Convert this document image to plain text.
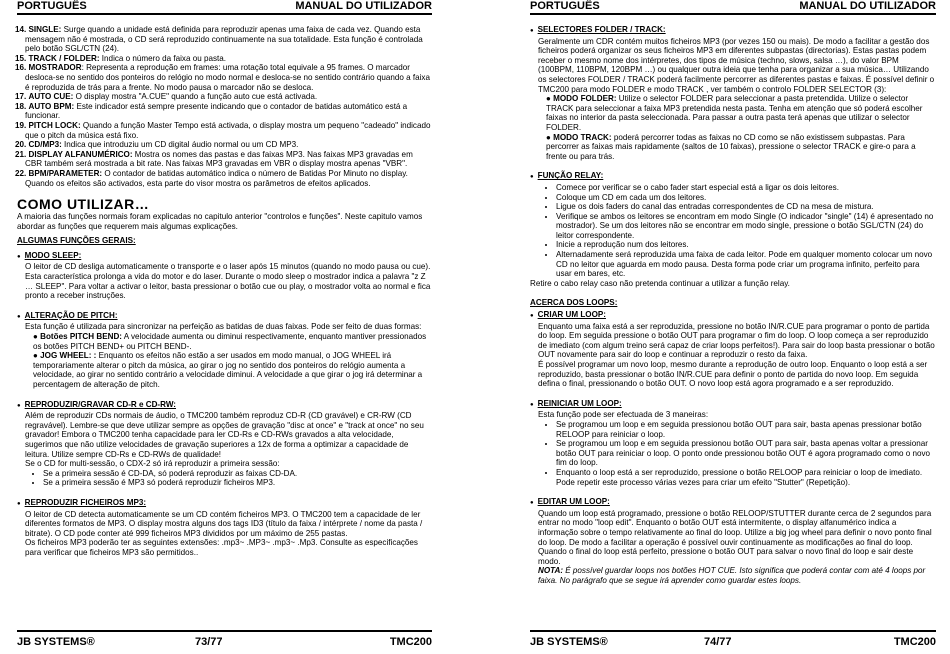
PORTUGUÊS	MANUAL DO UTILIZADOR

14. SINGLE: Surge quando a unidade está definida para reproduzir apenas uma faixa de cada vez. Quando esta mensagem não é mostrada, o CD será reproduzido continuamente na sua totalidade. Esta função é controlada pelo botão SGL/CTN (24).

15. TRACK / FOLDER: Indica o número da faixa ou pasta.

16. MOSTRADOR: Representa a reprodução em frames: uma rotação total equivale a 95 frames. O marcador desloca-se no sentido dos ponteiros do relógio no modo normal e desloca-se no sentido contrário quando a faixa é reproduzida de trás para a frente. No modo pausa o marcador não se desloca.

17. AUTO CUE: O display mostra "A.CUE" quando a função auto cue está activada.

18. AUTO BPM: Este indicador está sempre presente indicando que o contador de batidas automático está a funcionar.

19. PITCH LOCK: Quando a função Master Tempo está activada, o display mostra um pequeno "cadeado" indicado que o pitch da música está fixo.

20. CD/MP3: Indica que introduziu um CD digital áudio normal ou um CD MP3.

21. DISPLAY ALFANUMÉRICO: Mostra os nomes das pastas e das faixas MP3. Nas faixas MP3 gravadas em CBR também será mostrada a bit rate. Nas faixas MP3 gravadas em VBR o display mostra apenas "VBR".

22. BPM/PARAMETER: O contador de batidas automático indica o número de Batidas Por Minuto no display. Quando os efeitos são activados, esta parte do visor mostra os parâmetros de efeitos aplicados.

COMO UTILIZAR…

A maioria das funções normais foram explicadas no capitulo anterior "controlos e funções". Neste capitulo vamos abordar as funções que requerem mais algumas explicações.

ALGUMAS FUNÇÕES GERAIS:
● MODO SLEEP:

O leitor de CD desliga automaticamente o transporte e o laser após 15 minutos (quando no modo pausa ou cue). Esta característica prolonga a vida do motor e do laser. Durante o modo sleep o mostrador indica a palavra "z Z … SLEEP". Para voltar a activar o leitor, basta pressionar o botão cue ou play, o mostrador volta ao normal e fica pronto a receber instruções.

● ALTERAÇÃO DE PITCH:

Esta função é utilizada para sincronizar na perfeição as batidas de duas faixas. Pode ser feito de duas formas:

● Botões PITCH BEND: A velocidade aumenta ou diminui respectivamente, enquanto mantiver pressionados os botões PITCH BEND+ ou PITCH BEND-.

● JOG WHEEL: : Enquanto os efeitos não estão a ser usados em modo manual, o JOG WHEEL irá temporariamente alterar o pitch da música, ao girar o jog no sentido dos ponteiros do relógio aumenta a velocidade, ao girar no sentido contrário a velocidade diminui. A velocidade a que girar o jog irá determinar a percentagem de alteração de pitch.

● REPRODUZIR/GRAVAR CD-R e CD-RW:

Além de reproduzir CDs normais de áudio, o TMC200 também reproduz CD-R (CD gravável) e CR-RW (CD regravável). Lembre-se que deve utilizar sempre as opções de gravação "disc at once" e "track at once" no seu gravador! Embora o TMC200 tenha capacidade para ler CD-Rs e CD-RWs gravados a alta velocidade, sugerimos que não utilize velocidades de gravação superiores a 12x de forma a optimizar a capacidade de leitura. Utilize sempre CD-Rs e CD-RWs de qualidade!

Se o CD for multi-sessão, o CDX-2 só irá reproduzir a primeira sessão:

• Se a primeira sessão é CD-DA, só poderá reproduzir as faixas CD-DA.
• Se a primeira sessão é MP3 só poderá reproduzir ficheiros MP3.
● REPRODUZIR FICHEIROS MP3:

O leitor de CD detecta automaticamente se um CD contém ficheiros MP3. O TMC200 tem a capacidade de ler diferentes formatos de MP3. O display mostra alguns dos tags ID3 (título da faixa / intérprete / nome da pasta / bitrate). O CD pode conter até 999 ficheiros MP3 divididos por um máximo de 255 pastas.

Os ficheiros MP3 poderão ter as seguintes extensões: .mp3~ .MP3~ .mp3~ .Mp3. Consulte as especificações para verificar que ficheiros MP3 são permitidos..

JB SYSTEMS®	73/77	TMC200
PORTUGUÊS	MANUAL DO UTILIZADOR
● SELECTORES FOLDER / TRACK:

Geralmente um CDR contém muitos ficheiros MP3 (por vezes 150 ou mais). De modo a facilitar a gestão dos ficheiros poderá organizar os seus ficheiros MP3 em diferentes subpastas (directorias). Estas pastas podem receber o mesmo nome dos intérpretes, dos tipos de música (techno, slows, salsa …), do valor BPM (100BPM, 110BPM, 120BPM …) ou qualquer outra ideia que tenha para organizar a sua música… Utilizando os selectores FOLDER / TRACK poderá facilmente percorrer as diferentes pastas e faixas. É possível definir o TMC200 para modo FOLDER e modo TRACK , ver também o controlo FOLDER SELECTOR (3):

● MODO FOLDER: Utilize o selector FOLDER para seleccionar a pasta pretendida. Utilize o selector TRACK para seleccionar a faixa MP3 pretendida nesta pasta. Tenha em atenção que só poderá escolher faixas no interior da pasta seleccionada. Para passar a outra pasta terá apenas que utilizar o selector FOLDER.

● MODO TRACK: poderá percorrer todas as faixas no CD como se não existissem subpastas. Para percorrer as faixas mais rapidamente (saltos de 10 faixas), pressione o selector TRACK e gire-o para a frente ou para trás.

● FUNÇÃO RELAY:
• Comece por verificar se o cabo fader start especial está a ligar os dois leitores.
• Coloque um CD em cada um dos leitores.
• Ligue os dois faders do canal das entradas correspondentes de CD na mesa de mistura.
• Verifique se ambos os leitores se encontram em modo Single (O indicador "single" (14) é apresentado no mostrador). Se um dos leitores não se encontrar em modo single, pressione o botão SGL/CTN (24) do leitor correspondente.
• Inicie a reprodução num dos leitores.
• Alternadamente será reproduzida uma faixa de cada leitor. Pode em qualquer momento colocar um novo CD no leitor que aguarda em modo pausa. Desta forma pode criar um programa infinito, perfeito para usar em bares, etc.

Retire o cabo relay caso não pretenda continuar a utilizar a função relay.

ACERCA DOS LOOPS:
● CRIAR UM LOOP:

Enquanto uma faixa está a ser reproduzida, pressione no botão IN/R.CUE para programar o ponto de partida do loop. Em seguida pressione o botão OUT para programar o fim do loop. O loop começa a ser reproduzido de imediato (com algum treino será capaz de criar loops perfeitos!). Para sair do loop basta pressionar o botão OUT novamente para sair do loop e continuar a reproduzir o resto da faixa.

É possível programar um novo loop, mesmo durante a reprodução de outro loop. Enquanto o loop está a ser reproduzido, basta pressionar o botão IN/R.CUE para definir o ponto de partida do novo loop. Em seguida defina o final, pressionando o botão OUT. O novo loop está agora programado e a ser reproduzido.

● REINICIAR UM LOOP:

Esta função pode ser efectuada de 3 maneiras:

• Se programou um loop e em seguida pressionou botão OUT para sair, basta apenas pressionar botão RELOOP para reiniciar o loop.
• Se programou um loop e em seguida pressionou botão OUT para sair, basta apenas voltar a pressionar botão OUT para reiniciar o loop. O ponto onde pressionou botão OUT é agora programado como o novo fim do loop.
• Enquanto o loop está a ser reproduzido, pressione o botão RELOOP para reiniciar o loop de imediato. Pode repetir este processo várias vezes para criar um efeito "Stutter" (Repetição).
● EDITAR UM LOOP:

Quando um loop está programado, pressione o botão RELOOP/STUTTER durante cerca de 2 segundos para entrar no modo "loop edit". Enquanto o botão OUT está intermitente, o display alfanumérico indica a informação sobre o tempo relativamente ao final do loop. Utilize a big jog wheel para definir o novo ponto final do loop. De modo a facilitar a operação é possível ouvir continuamente as modificações ao final do loop. Quando o final do loop está perfeito, pressione o botão OUT para salvar o novo final do loop e sair deste modo.

NOTA: É possível guardar loops nos botões HOT CUE. Isto significa que poderá contar com até 4 loops por faixa. No parágrafo que se segue irá aprender como guardar estes loops.

JB SYSTEMS®	74/77	TMC200
